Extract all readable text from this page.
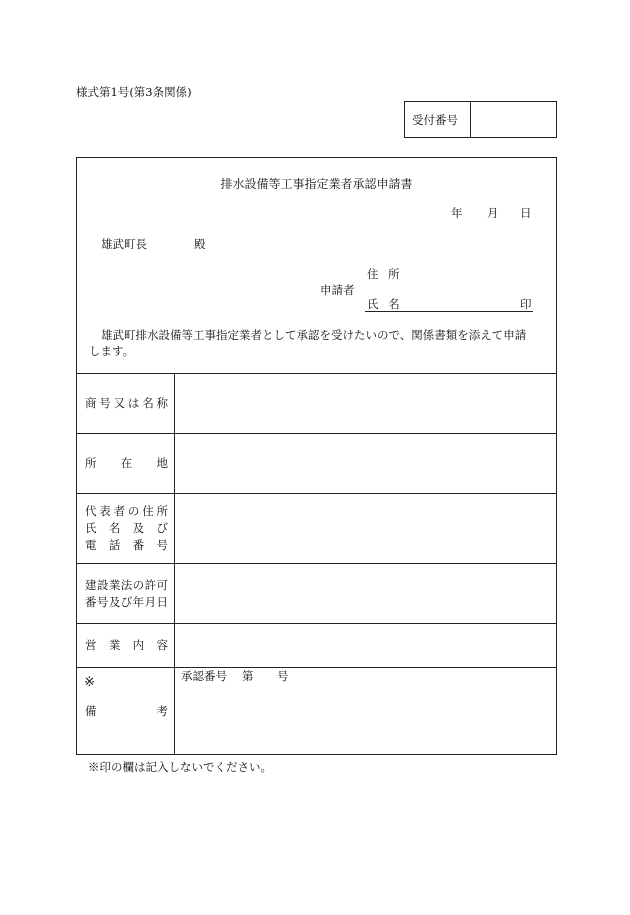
様式第1号(第3条関係)
受付番号
排水設備等工事指定業者承認申請書
年 月 日
雄武町長	殿
申請者
住 所
氏 名	印
雄武町排水設備等工事指定業者として承認を受けたいので、関係書類を添えて申請
します。
商号又は名称
所 在 地
代表者の住所
氏名及び
電話番号
建設業法の許可
番号及び年月日
営業内容
※
備考
承認番号 第 号
※印の欄は記入しないでください。
